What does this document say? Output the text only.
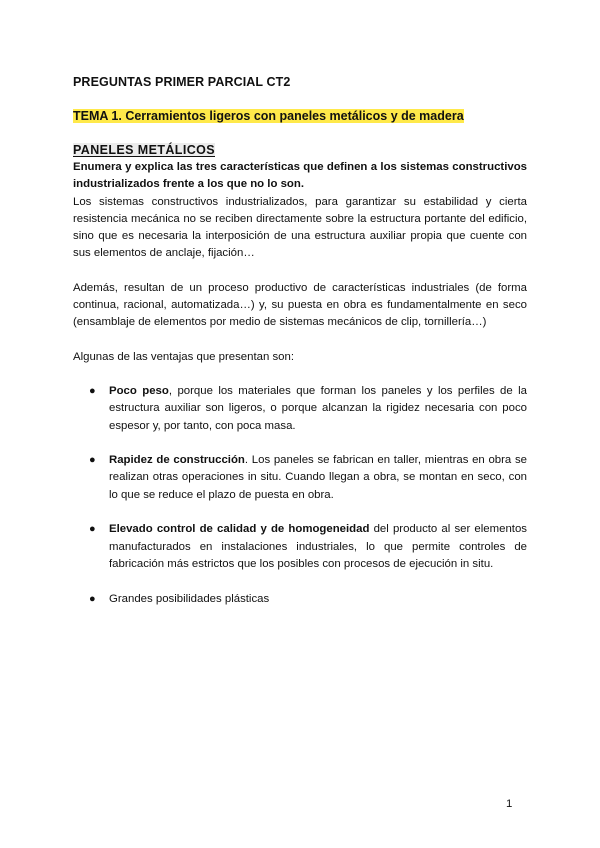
PREGUNTAS PRIMER PARCIAL CT2
TEMA 1. Cerramientos ligeros con paneles metálicos y de madera
PANELES METÁLICOS

Enumera y explica las tres características que definen a los sistemas constructivos industrializados frente a los que no lo son.

Los sistemas constructivos industrializados, para garantizar su estabilidad y cierta resistencia mecánica no se reciben directamente sobre la estructura portante del edificio, sino que es necesaria la interposición de una estructura auxiliar propia que cuente con sus elementos de anclaje, fijación…

Además, resultan de un proceso productivo de características industriales (de forma continua, racional, automatizada…) y, su puesta en obra es fundamentalmente en seco (ensamblaje de elementos por medio de sistemas mecánicos de clip, tornillería…)

Algunas de las ventajas que presentan son:

● Poco peso, porque los materiales que forman los paneles y los perfiles de la estructura auxiliar son ligeros, o porque alcanzan la rigidez necesaria con poco espesor y, por tanto, con poca masa.
● Rapidez de construcción. Los paneles se fabrican en taller, mientras en obra se realizan otras operaciones in situ. Cuando llegan a obra, se montan en seco, con lo que se reduce el plazo de puesta en obra.
● Elevado control de calidad y de homogeneidad del producto al ser elementos manufacturados en instalaciones industriales, lo que permite controles de fabricación más estrictos que los posibles con procesos de ejecución in situ.
● Grandes posibilidades plásticas
1
